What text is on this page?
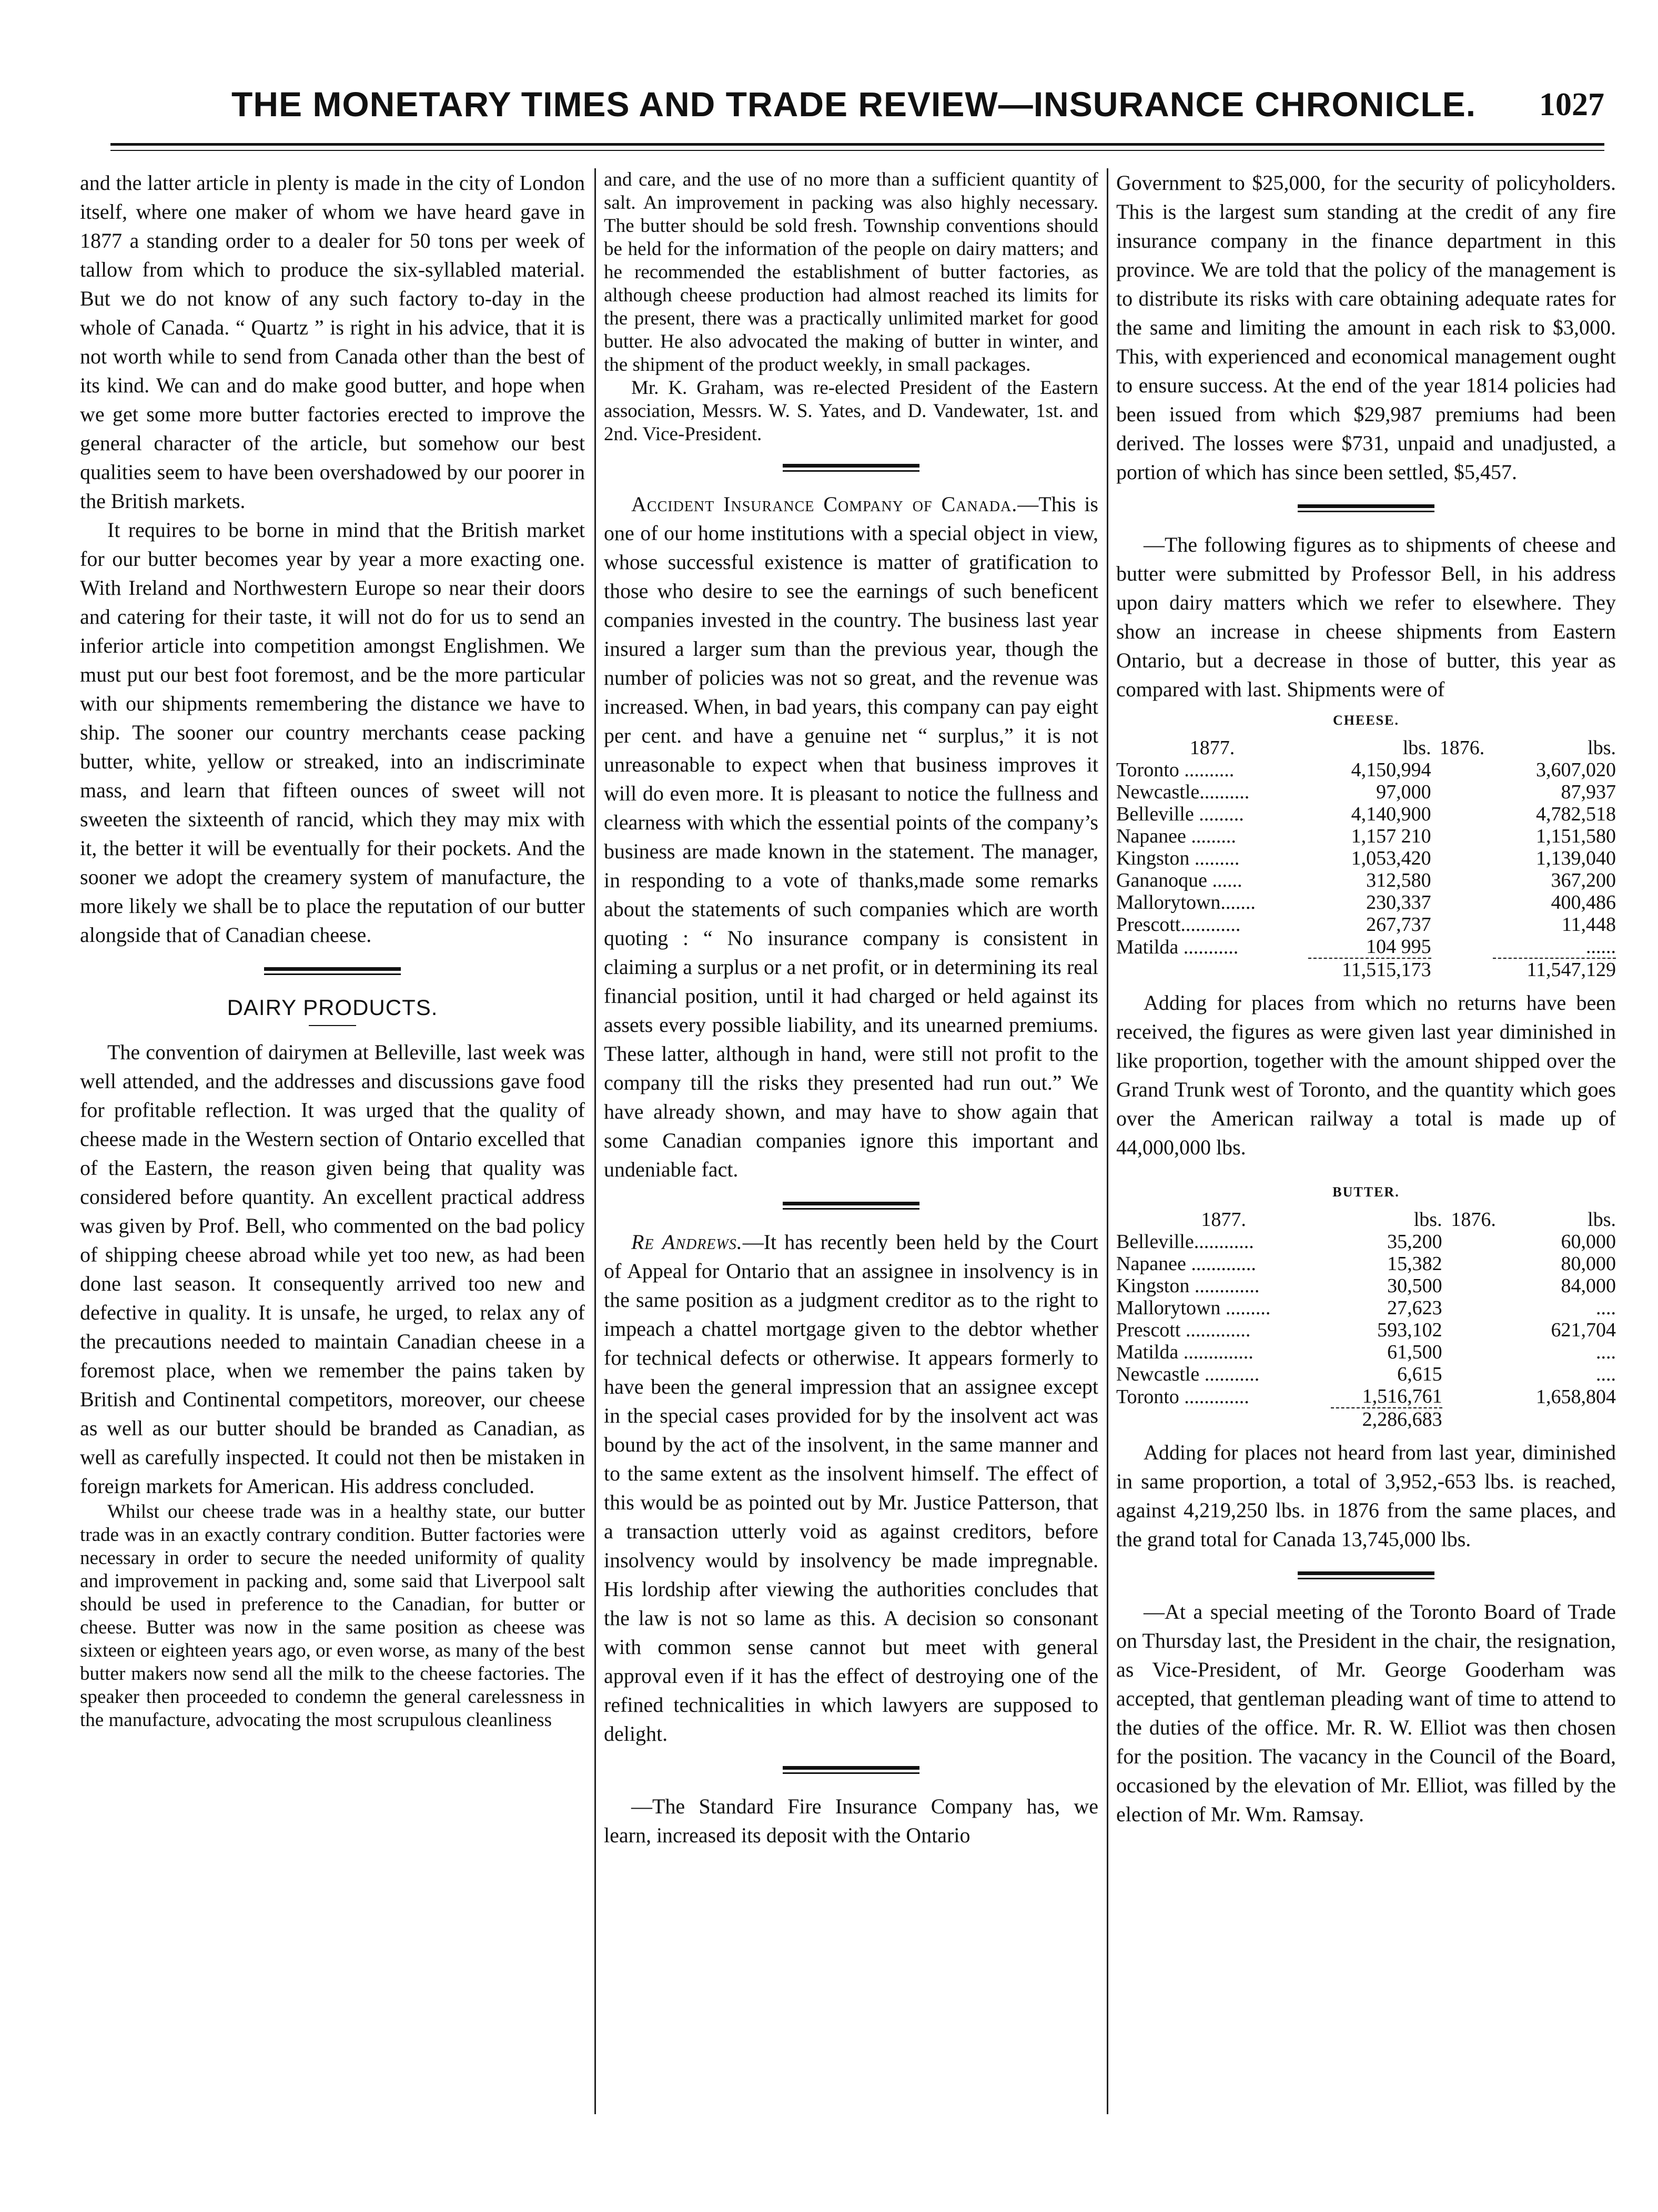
THE MONETARY TIMES AND TRADE REVIEW—INSURANCE CHRONICLE. 1027

and the latter article in plenty is made in the city of London itself, where one maker of whom we have heard gave in 1877 a standing order to a dealer for 50 tons per week of tallow from which to produce the six-syllabled material. But we do not know of any such factory to-day in the whole of Canada. “ Quartz ” is right in his advice, that it is not worth while to send from Canada other than the best of its kind. We can and do make good butter, and hope when we get some more butter factories erected to improve the general character of the article, but somehow our best qualities seem to have been overshadowed by our poorer in the British markets.

It requires to be borne in mind that the British market for our butter becomes year by year a more exacting one. With Ireland and Northwestern Europe so near their doors and catering for their taste, it will not do for us to send an inferior article into competition amongst Englishmen. We must put our best foot foremost, and be the more particular with our shipments remembering the distance we have to ship. The sooner our country merchants cease packing butter, white, yellow or streaked, into an indiscriminate mass, and learn that fifteen ounces of sweet will not sweeten the sixteenth of rancid, which they may mix with it, the better it will be eventually for their pockets. And the sooner we adopt the creamery system of manufacture, the more likely we shall be to place the reputation of our butter alongside that of Canadian cheese.

DAIRY PRODUCTS.

The convention of dairymen at Belleville, last week was well attended, and the addresses and discussions gave food for profitable reflection. It was urged that the quality of cheese made in the Western section of Ontario excelled that of the Eastern, the reason given being that quality was considered before quantity. An excellent practical address was given by Prof. Bell, who commented on the bad policy of shipping cheese abroad while yet too new, as had been done last season. It consequently arrived too new and defective in quality. It is unsafe, he urged, to relax any of the precautions needed to maintain Canadian cheese in a foremost place, when we remember the pains taken by British and Continental competitors, moreover, our cheese as well as our butter should be branded as Canadian, as well as carefully inspected. It could not then be mistaken in foreign markets for American. His address concluded.

Whilst our cheese trade was in a healthy state, our butter trade was in an exactly contrary condition. Butter factories were necessary in order to secure the needed uniformity of quality and improvement in packing and, some said that Liverpool salt should be used in preference to the Canadian, for butter or cheese. Butter was now in the same position as cheese was sixteen or eighteen years ago, or even worse, as many of the best butter makers now send all the milk to the cheese factories. The speaker then proceeded to condemn the general carelessness in the manufacture, advocating the most scrupulous cleanliness

and care, and the use of no more than a sufficient quantity of salt. An improvement in packing was also highly necessary. The butter should be sold fresh. Township conventions should be held for the information of the people on dairy matters; and he recommended the establishment of butter factories, as although cheese production had almost reached its limits for the present, there was a practically unlimited market for good butter. He also advocated the making of butter in winter, and the shipment of the product weekly, in small packages.

Mr. K. Graham, was re-elected President of the Eastern association, Messrs. W. S. Yates, and D. Vandewater, 1st. and 2nd. Vice-President.

Accident Insurance Company of Canada.—This is one of our home institutions with a special object in view, whose successful existence is matter of gratification to those who desire to see the earnings of such beneficent companies invested in the country. The business last year insured a larger sum than the previous year, though the number of policies was not so great, and the revenue was increased. When, in bad years, this company can pay eight per cent. and have a genuine net “ surplus,” it is not unreasonable to expect when that business improves it will do even more. It is pleasant to notice the fullness and clearness with which the essential points of the company’s business are made known in the statement. The manager, in responding to a vote of thanks,made some remarks about the statements of such companies which are worth quoting : “ No insurance company is consistent in claiming a surplus or a net profit, or in determining its real financial position, until it had charged or held against its assets every possible liability, and its unearned premiums. These latter, although in hand, were still not profit to the company till the risks they presented had run out.” We have already shown, and may have to show again that some Canadian companies ignore this important and undeniable fact.

Re Andrews.—It has recently been held by the Court of Appeal for Ontario that an assignee in insolvency is in the same position as a judgment creditor as to the right to impeach a chattel mortgage given to the debtor whether for technical defects or otherwise. It appears formerly to have been the general impression that an assignee except in the special cases provided for by the insolvent act was bound by the act of the insolvent, in the same manner and to the same extent as the insolvent himself. The effect of this would be as pointed out by Mr. Justice Patterson, that a transaction utterly void as against creditors, before insolvency would by insolvency be made impregnable. His lordship after viewing the authorities concludes that the law is not so lame as this. A decision so consonant with common sense cannot but meet with general approval even if it has the effect of destroying one of the refined technicalities in which lawyers are supposed to delight.

—The Standard Fire Insurance Company has, we learn, increased its deposit with the Ontario

Government to $25,000, for the security of policyholders. This is the largest sum standing at the credit of any fire insurance company in the finance department in this province. We are told that the policy of the management is to distribute its risks with care obtaining adequate rates for the same and limiting the amount in each risk to $3,000. This, with experienced and economical management ought to ensure success. At the end of the year 1814 policies had been issued from which $29,987 premiums had been derived. The losses were $731, unpaid and unadjusted, a portion of which has since been settled, $5,457.

—The following figures as to shipments of cheese and butter were submitted by Professor Bell, in his address upon dairy matters which we refer to elsewhere. They show an increase in cheese shipments from Eastern Ontario, but a decrease in those of butter, this year as compared with last. Shipments were of

CHEESE.
1877.	lbs.	1876.	lbs.
Toronto ..........	4,150,994		3,607,020
Newcastle..........	97,000		87,937
Belleville .........	4,140,900		4,782,518
Napanee .........	1,157 210		1,151,580
Kingston .........	1,053,420		1,139,040
Gananoque ......	312,580		367,200
Mallorytown.......	230,337		400,486
Prescott............	267,737		11,448
Matilda ...........	104 995		......
	11,515,173		11,547,129

Adding for places from which no returns have been received, the figures as were given last year diminished in like proportion, together with the amount shipped over the Grand Trunk west of Toronto, and the quantity which goes over the American railway a total is made up of 44,000,000 lbs.

BUTTER.
1877.	lbs.	1876.	lbs.
Belleville............	35,200		60,000
Napanee .............	15,382		80,000
Kingston .............	30,500		84,000
Mallorytown .........	27,623		....
Prescott .............	593,102		621,704
Matilda ..............	61,500		....
Newcastle ...........	6,615		....
Toronto .............	1,516,761		1,658,804
	2,286,683		

Adding for places not heard from last year, diminished in same proportion, a total of 3,952,-653 lbs. is reached, against 4,219,250 lbs. in 1876 from the same places, and the grand total for Canada 13,745,000 lbs.

—At a special meeting of the Toronto Board of Trade on Thursday last, the President in the chair, the resignation, as Vice-President, of Mr. George Gooderham was accepted, that gentleman pleading want of time to attend to the duties of the office. Mr. R. W. Elliot was then chosen for the position. The vacancy in the Council of the Board, occasioned by the elevation of Mr. Elliot, was filled by the election of Mr. Wm. Ramsay.
